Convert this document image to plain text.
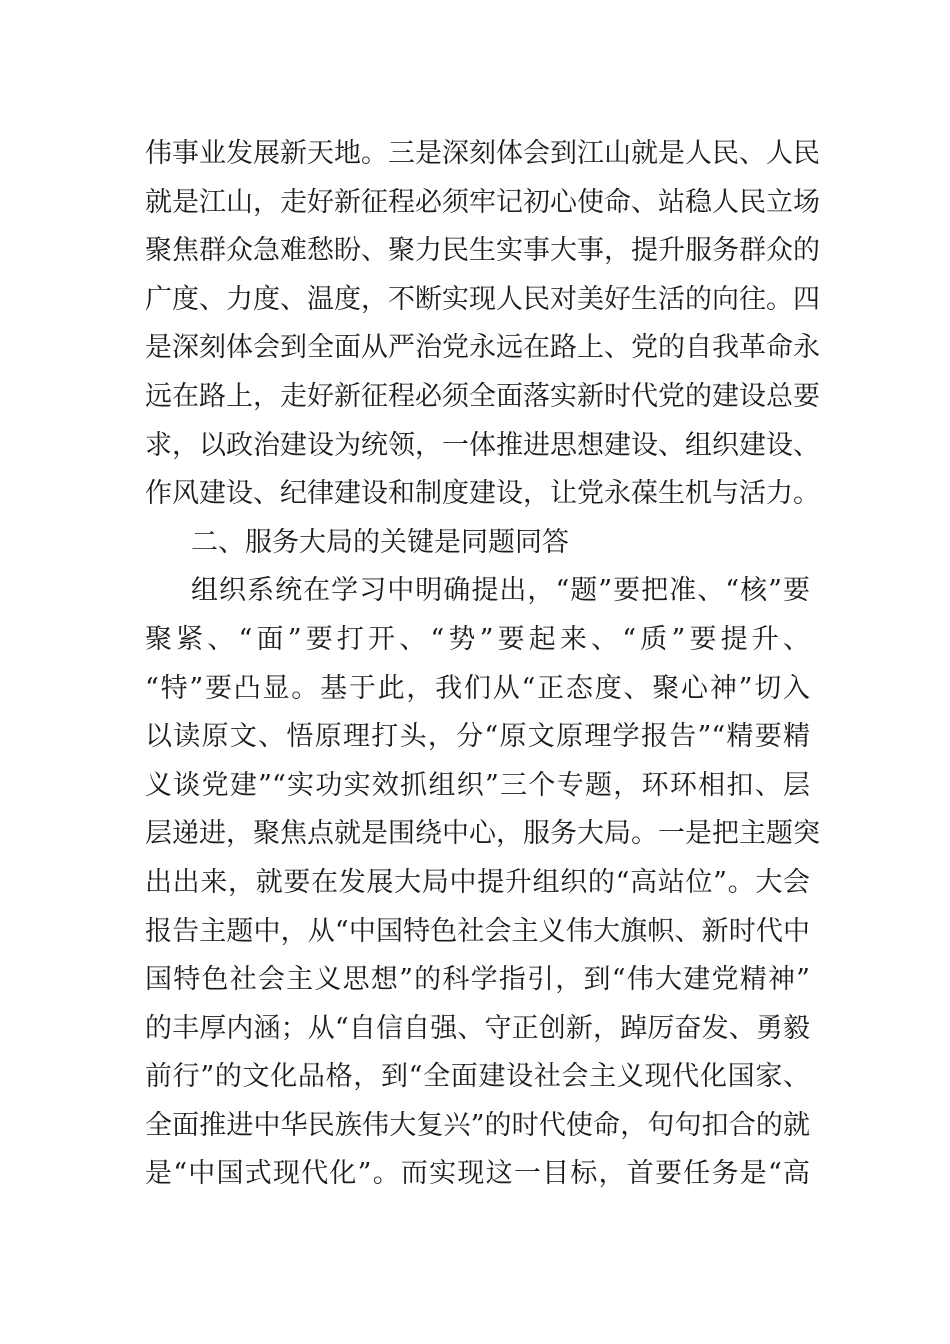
伟事业发展新天地。三是深刻体会到江山就是人民、人民
就是江山，走好新征程必须牢记初心使命、站稳人民立场
聚焦群众急难愁盼、聚力民生实事大事，提升服务群众的
广度、力度、温度，不断实现人民对美好生活的向往。四
是深刻体会到全面从严治党永远在路上、党的自我革命永
远在路上，走好新征程必须全面落实新时代党的建设总要
求，以政治建设为统领，一体推进思想建设、组织建设、
作风建设、纪律建设和制度建设，让党永葆生机与活力。
二、服务大局的关键是同题同答
组织系统在学习中明确提出，“题”要把准、“核”要
聚紧、“面”要打开、“势”要起来、“质”要提升、
“特”要凸显。基于此，我们从“正态度、聚心神”切入
以读原文、悟原理打头，分“原文原理学报告”“精要精
义谈党建”“实功实效抓组织”三个专题，环环相扣、层
层递进，聚焦点就是围绕中心，服务大局。一是把主题突
出出来，就要在发展大局中提升组织的“高站位”。大会
报告主题中，从“中国特色社会主义伟大旗帜、新时代中
国特色社会主义思想”的科学指引，到“伟大建党精神”
的丰厚内涵；从“自信自强、守正创新，踔厉奋发、勇毅
前行”的文化品格，到“全面建设社会主义现代化国家、
全面推进中华民族伟大复兴”的时代使命，句句扣合的就
是“中国式现代化”。而实现这一目标，首要任务是“高
